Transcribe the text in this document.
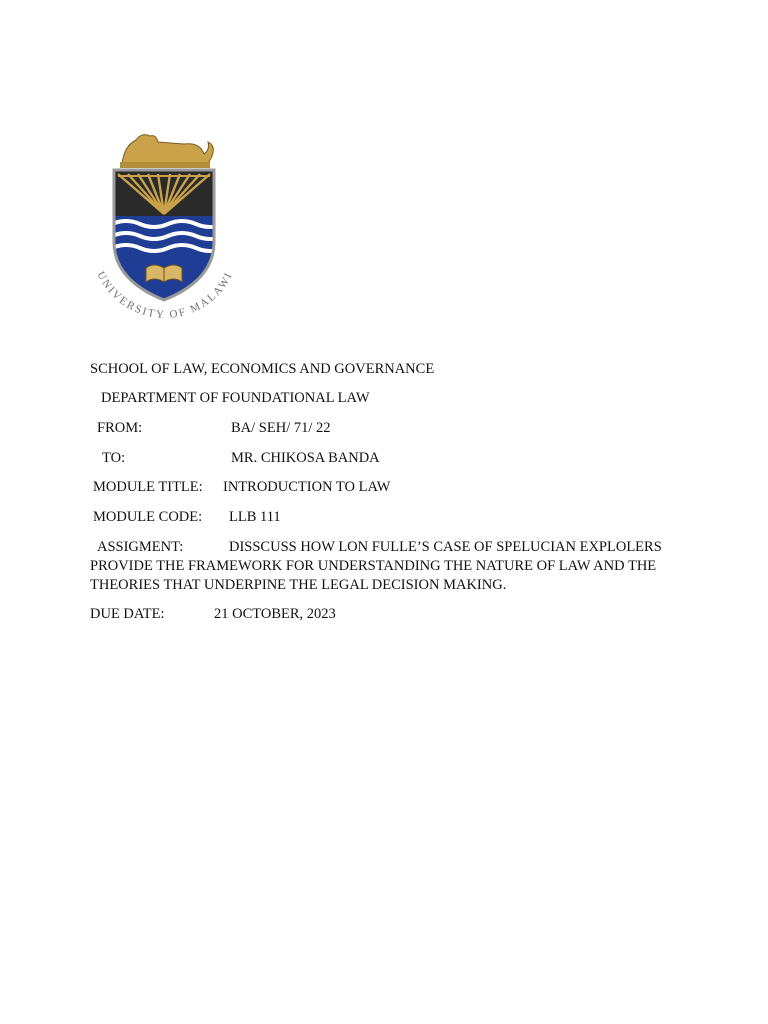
UNIVERSITY OF MALAWI
SCHOOL OF LAW, ECONOMICS AND GOVERNANCE
DEPARTMENT OF FOUNDATIONAL LAW
FROM:	BA/ SEH/ 71/ 22
TO:	MR. CHIKOSA BANDA
MODULE TITLE: INTRODUCTION TO LAW
MODULE CODE: LLB 111
ASSIGMENT:	DISSCUSS HOW LON FULLE’S CASE OF SPELUCIAN EXPLOLERS PROVIDE THE FRAMEWORK FOR UNDERSTANDING THE NATURE OF LAW AND THE THEORIES THAT UNDERPINE THE LEGAL DECISION MAKING.
DUE DATE:	21 OCTOBER, 2023
